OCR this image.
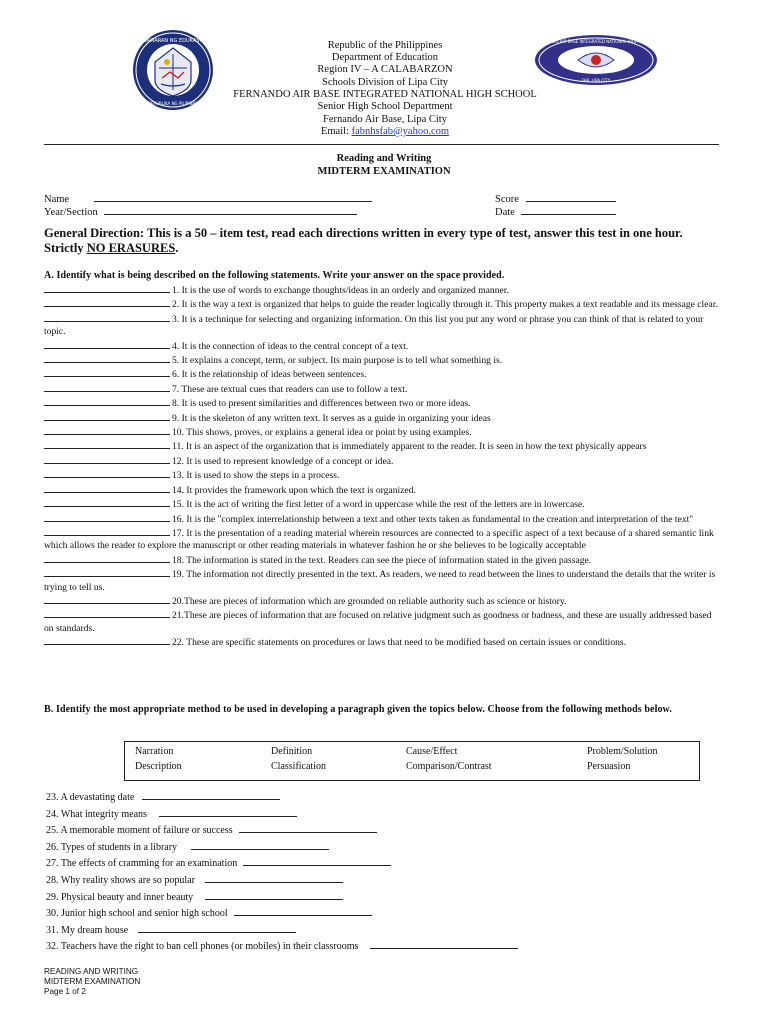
KAGAWARAN NG EDUKASYON
REPUBLIKA NG PILIPINAS
FERNANDO AIR BASE INTEGRATED NATIONAL HIGH SCHOOL
FAB, LIPA CITY
Republic of the Philippines
Department of Education
Region IV – A CALABARZON
Schools Division of Lipa City
FERNANDO AIR BASE INTEGRATED NATIONAL HIGH SCHOOL
Senior High School Department
Fernando Air Base, Lipa City
Email: fabnhsfab@yahoo.com
Reading and Writing
MIDTERM EXAMINATION
Name
Year/Section
Score
Date
General Direction: This is a 50 – item test, read each directions written in every type of test, answer this test in one hour. Strictly NO ERASURES.
A. Identify what is being described on the following statements. Write your answer on the space provided.
1. It is the use of words to exchange thoughts/ideas in an orderly and organized manner.
2. It is the way a text is organized that helps to guide the reader logically through it. This property makes a text readable and its message clear.
3. It is a technique for selecting and organizing information. On this list you put any word or phrase you can think of that is related to your topic.
4. It is the connection of ideas to the central concept of a text.
5. It explains a concept, term, or subject. Its main purpose is to tell what something is.
6. It is the relationship of ideas between sentences.
7. These are textual cues that readers can use to follow a text.
8. It is used to present similarities and differences between two or more ideas.
9. It is the skeleton of any written text. It serves as a guide in organizing your ideas
10. This shows, proves, or explains a general idea or point by using examples.
11. It is an aspect of the organization that is immediately apparent to the reader. It is seen in how the text physically appears
12. It is used to represent knowledge of a concept or idea.
13. It is used to show the steps in a process.
14. It provides the framework upon which the text is organized.
15. It is the act of writing the first letter of a word in uppercase while the rest of the letters are in lowercase.
16. It is the "complex interrelationship between a text and other texts taken as fundamental to the creation and interpretation of the text"
17. It is the presentation of a reading material wherein resources are connected to a specific aspect of a text because of a shared semantic link which allows the reader to explore the manuscript or other reading materials in whatever fashion he or she believes to be logically acceptable
18. The information is stated in the text. Readers can see the piece of information stated in the given passage.
19. The information not directly presented in the text. As readers, we need to read between the lines to understand the details that the writer is trying to tell us.
20.These are pieces of information which are grounded on reliable authority such as science or history.
21.These are pieces of information that are focused on relative judgment such as goodness or badness, and these are usually addressed based on standards.
22. These are specific statements on procedures or laws that need to be modified based on certain issues or conditions.
B. Identify the most appropriate method to be used in developing a paragraph given the topics below. Choose from the following methods below.
Narration	Definition	Cause/Effect	Problem/Solution
Description	Classification	Comparison/Contrast	Persuasion
23. A devastating date
24. What integrity means
25. A memorable moment of failure or success
26. Types of students in a library
27. The effects of cramming for an examination
28. Why reality shows are so popular
29. Physical beauty and inner beauty
30. Junior high school and senior high school
31. My dream house
32. Teachers have the right to ban cell phones (or mobiles) in their classrooms
READING AND WRITING
MIDTERM EXAMINATION
Page 1 of 2
